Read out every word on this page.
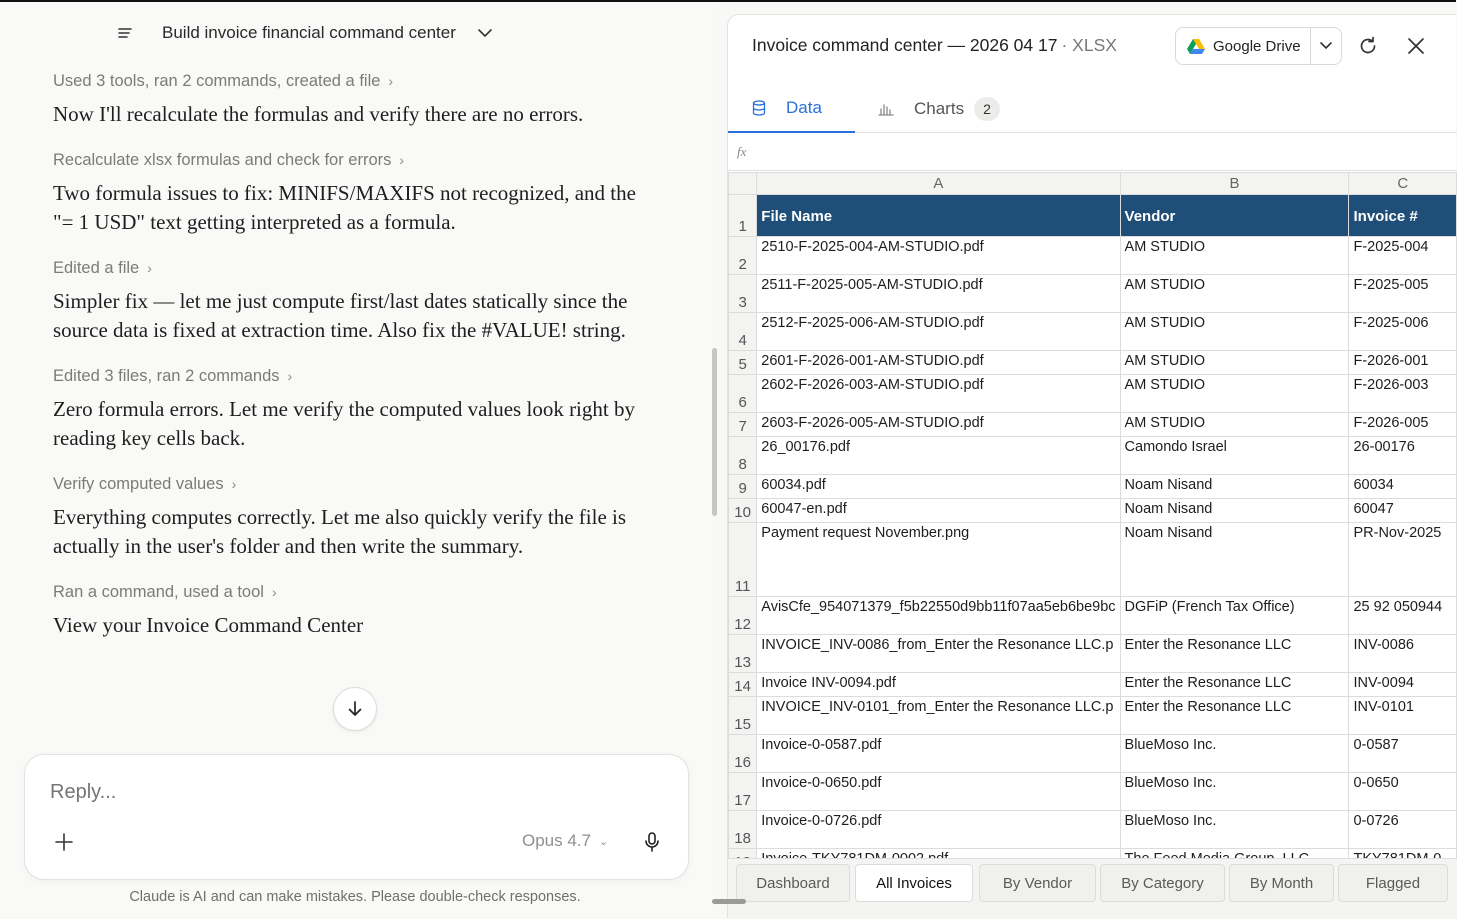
Build invoice financial command center
Used 3 tools, ran 2 commands, created a file ›

Now I'll recalculate the formulas and verify there are no errors.

Recalculate xlsx formulas and check for errors ›

Two formula issues to fix: MINIFS/MAXIFS not recognized, and the "= 1 USD" text getting interpreted as a formula.

Edited a file ›

Simpler fix — let me just compute first/last dates statically since the source data is fixed at extraction time. Also fix the #VALUE! string.

Edited 3 files, ran 2 commands ›

Zero formula errors. Let me verify the computed values look right by reading key cells back.

Verify computed values ›

Everything computes correctly. Let me also quickly verify the file is actually in the user's folder and then write the summary.

Ran a command, used a tool ›

View your Invoice Command Center

Reply...
Opus 4.7 ⌄
Claude is AI and can make mistakes. Please double-check responses.
Invoice command center — 2026 04 17 · XLSX	Google Drive
Data	Charts	2
fx
	A	B	C
1	File Name	Vendor	Invoice #
2	2510-F-2025-004-AM-STUDIO.pdf	AM STUDIO	F-2025-004
3	2511-F-2025-005-AM-STUDIO.pdf	AM STUDIO	F-2025-005
4	2512-F-2025-006-AM-STUDIO.pdf	AM STUDIO	F-2025-006
5	2601-F-2026-001-AM-STUDIO.pdf	AM STUDIO	F-2026-001
6	2602-F-2026-003-AM-STUDIO.pdf	AM STUDIO	F-2026-003
7	2603-F-2026-005-AM-STUDIO.pdf	AM STUDIO	F-2026-005
8	26_00176.pdf	Camondo Israel	26-00176
9	60034.pdf	Noam Nisand	60034
10	60047-en.pdf	Noam Nisand	60047
11	Payment request November.png	Noam Nisand	PR-Nov-2025
12	AvisCfe_954071379_f5b22550d9bb11f07aa5eb6be9bc	DGFiP (French Tax Office)	25 92 050944
13	INVOICE_INV-0086_from_Enter the Resonance LLC.p	Enter the Resonance LLC	INV-0086
14	Invoice INV-0094.pdf	Enter the Resonance LLC	INV-0094
15	INVOICE_INV-0101_from_Enter the Resonance LLC.p	Enter the Resonance LLC	INV-0101
16	Invoice-0-0587.pdf	BlueMoso Inc.	0-0587
17	Invoice-0-0650.pdf	BlueMoso Inc.	0-0650
18	Invoice-0-0726.pdf	BlueMoso Inc.	0-0726

Dashboard	All Invoices	By Vendor	By Category	By Month	Flagged
